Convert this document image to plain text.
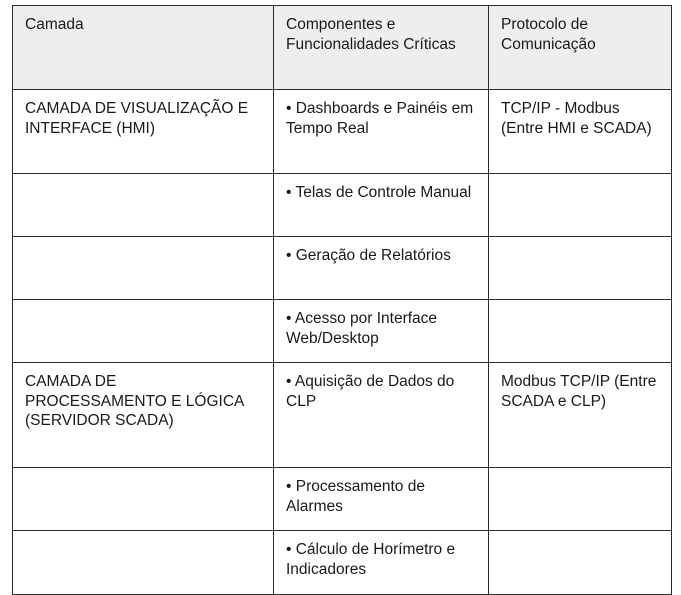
Camada	Componentes e Funcionalidades Críticas	Protocolo de Comunicação
CAMADA DE VISUALIZAÇÃO E INTERFACE (HMI)	• Dashboards e Painéis em Tempo Real	TCP/IP - Modbus (Entre HMI e SCADA)
	• Telas de Controle Manual	
	• Geração de Relatórios	
	• Acesso por Interface Web/Desktop	
CAMADA DE PROCESSAMENTO E LÓGICA (SERVIDOR SCADA)	• Aquisição de Dados do CLP	Modbus TCP/IP (Entre SCADA e CLP)
	• Processamento de Alarmes	
	• Cálculo de Horímetro e Indicadores	
